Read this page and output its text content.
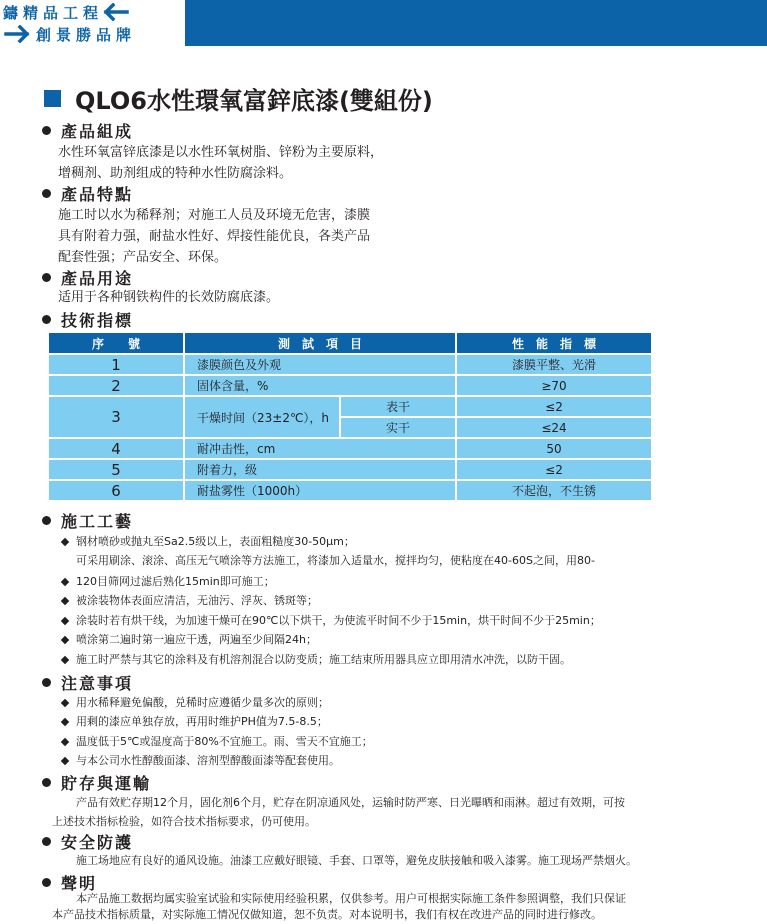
鑄精品工程
創景勝品牌
QLO6水性環氧富鋅底漆(雙組份)
產品組成
水性环氧富锌底漆是以水性环氧树脂、锌粉为主要原料，
增稠剂、助剂组成的特种水性防腐涂料。
產品特點
施工时以水为稀释剂；对施工人员及环境无危害，漆膜
具有附着力强，耐盐水性好、焊接性能优良，各类产品
配套性强；产品安全、环保。
產品用途
适用于各种钢铁构件的长效防腐底漆。
技術指標
序　　號	測　試　項　目		性　能　指　標
1	漆膜颜色及外观		漆膜平整、光滑
2	固体含量，%		≥70
3	干燥时间（23±2℃），h	表干	≤2
		实干	≤24
4	耐冲击性，cm		50
5	附着力，级		≤2
6	耐盐雾性（1000h）		不起泡，不生锈
施工工藝
钢材喷砂或抛丸至Sa2.5级以上，表面粗糙度30-50μm；
可采用刷涂、滚涂、高压无气喷涂等方法施工，将漆加入适量水，搅拌均匀，使粘度在40-60S之间，用80-
120目筛网过滤后熟化15min即可施工；
被涂装物体表面应清洁，无油污、浮灰、锈斑等；
涂装时若有烘干线，为加速干燥可在90℃以下烘干，为使流平时间不少于15min，烘干时间不少于25min；
喷涂第二遍时第一遍应干透，两遍至少间隔24h；
施工时严禁与其它的涂料及有机溶剂混合以防变质；施工结束所用器具应立即用清水冲洗，以防干固。
注意事項
用水稀释避免偏酸，兑稀时应遵循少量多次的原则；
用剩的漆应单独存放，再用时维护PH值为7.5-8.5；
温度低于5℃或湿度高于80%不宜施工。雨、雪天不宜施工；
与本公司水性醇酸面漆、溶剂型醇酸面漆等配套使用。
貯存與運輸
产品有效贮存期12个月，固化剂6个月，贮存在阴凉通风处，运输时防严寒、日光曝晒和雨淋。超过有效期，可按
上述技术指标检验，如符合技术指标要求，仍可使用。
安全防護
施工场地应有良好的通风设施。油漆工应戴好眼镜、手套、口罩等，避免皮肤接触和吸入漆雾。施工现场严禁烟火。
聲明
本产品施工数据均属实验室试验和实际使用经验积累，仅供参考。用户可根据实际施工条件参照调整，我们只保证
本产品技术指标质量，对实际施工情况仅做知道，恕不负责。对本说明书，我们有权在改进产品的同时进行修改。
